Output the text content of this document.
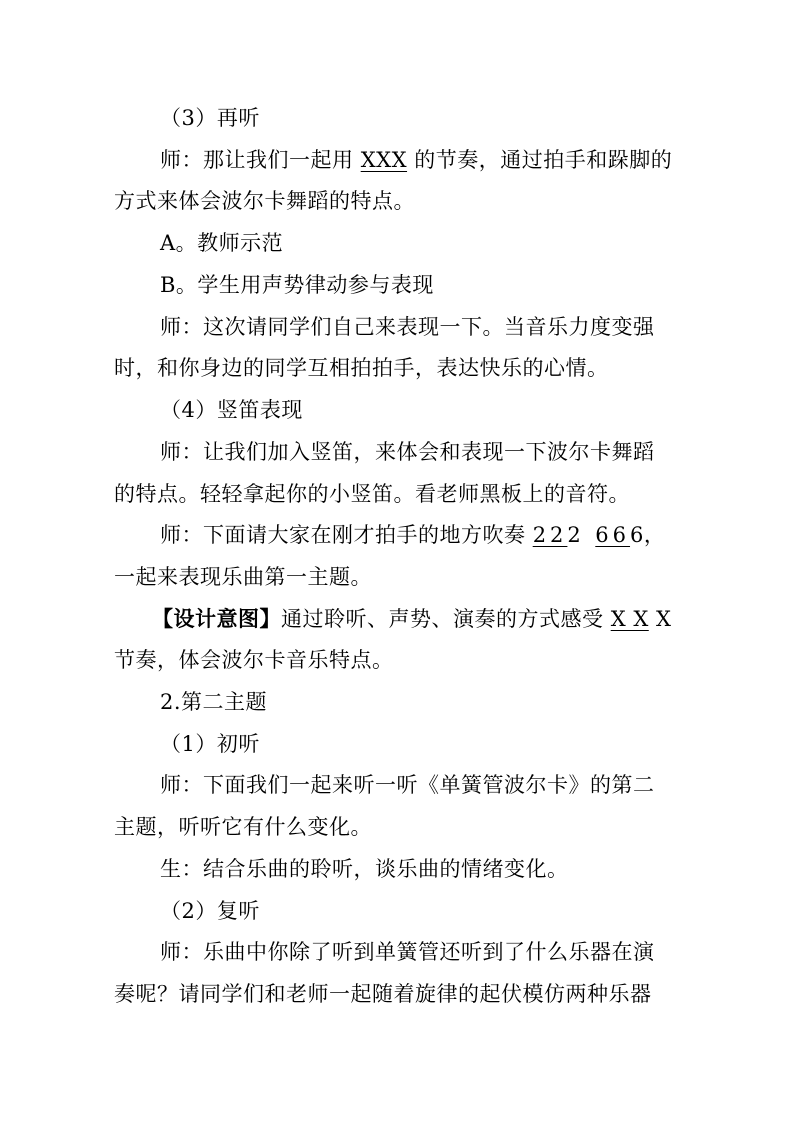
（3）再听
师：那让我们一起用 XXX 的节奏，通过拍手和跺脚的
方式来体会波尔卡舞蹈的特点。
A。教师示范
B。学生用声势律动参与表现
师：这次请同学们自己来表现一下。当音乐力度变强
时，和你身边的同学互相拍拍手，表达快乐的心情。
（4）竖笛表现
师：让我们加入竖笛，来体会和表现一下波尔卡舞蹈
的特点。轻轻拿起你的小竖笛。看老师黑板上的音符。
师：下面请大家在刚才拍手的地方吹奏 222 666，
一起来表现乐曲第一主题。
【设计意图】通过聆听、声势、演奏的方式感受 X X X
节奏，体会波尔卡音乐特点。
2.第二主题
（1）初听
师：下面我们一起来听一听《单簧管波尔卡》的第二
主题，听听它有什么变化。
生：结合乐曲的聆听，谈乐曲的情绪变化。
（2）复听
师：乐曲中你除了听到单簧管还听到了什么乐器在演
奏呢？请同学们和老师一起随着旋律的起伏模仿两种乐器
